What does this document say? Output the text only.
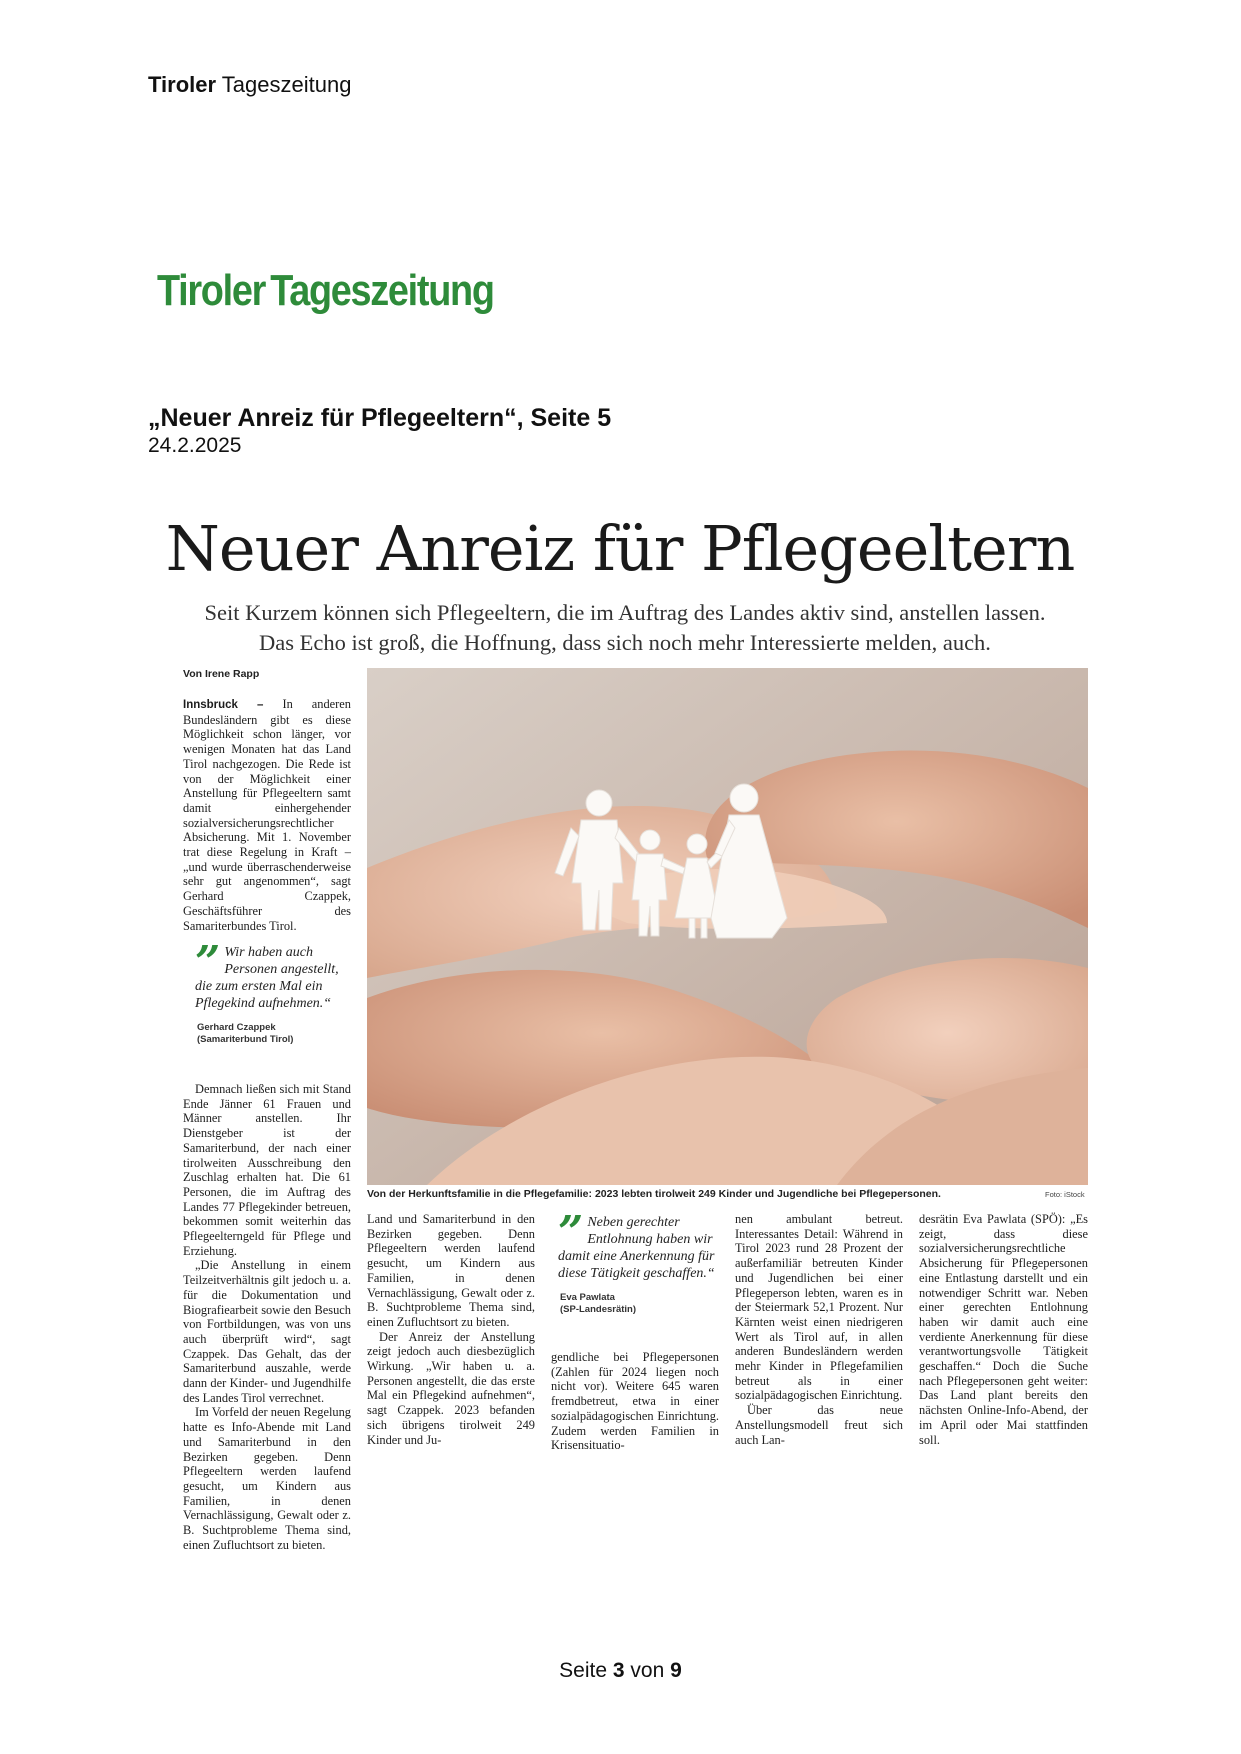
Tiroler Tageszeitung
Tiroler Tageszeitung
„Neuer Anreiz für Pflegeeltern“, Seite 5
24.2.2025
Neuer Anreiz für Pflegeeltern
Seit Kurzem können sich Pflegeeltern, die im Auftrag des Landes aktiv sind, anstellen lassen. Das Echo ist groß, die Hoffnung, dass sich noch mehr Interessierte melden, auch.
Von Irene Rapp

Innsbruck – In anderen Bundesländern gibt es diese Möglichkeit schon länger, vor wenigen Monaten hat das Land Tirol nachgezogen. Die Rede ist von der Möglichkeit einer Anstellung für Pflegeeltern samt damit einhergehender sozialversicherungsrechtlicher Absicherung. Mit 1. November trat diese Regelung in Kraft – „und wurde überraschenderweise sehr gut angenommen“, sagt Gerhard Czappek, Geschäftsführer des Samariterbundes Tirol.

” Wir haben auch Personen angestellt, die zum ersten Mal ein Pflegekind aufnehmen.“
Gerhard Czappek
(Samariterbund Tirol)

Demnach ließen sich mit Stand Ende Jänner 61 Frauen und Männer anstellen. Ihr Dienstgeber ist der Samariterbund, der nach einer tirolweiten Ausschreibung den Zuschlag erhalten hat. Die 61 Personen, die im Auftrag des Landes 77 Pflegekinder betreuen, bekommen somit weiterhin das Pflegeelterngeld für Pflege und Erziehung.

„Die Anstellung in einem Teilzeitverhältnis gilt jedoch u. a. für die Dokumentation und Biografiearbeit sowie den Besuch von Fortbildungen, was von uns auch überprüft wird“, sagt Czappek. Das Gehalt, das der Samariterbund auszahle, werde dann der Kinder- und Jugendhilfe des Landes Tirol verrechnet.

Im Vorfeld der neuen Regelung hatte es Info-Abende mit Land und Samariterbund in den Bezirken gegeben. Denn Pflegeeltern werden laufend gesucht, um Kindern aus Familien, in denen Vernachlässigung, Gewalt oder z. B. Suchtprobleme Thema sind, einen Zufluchtsort zu bieten.

Von der Herkunftsfamilie in die Pflegefamilie: 2023 lebten tirolweit 249 Kinder und Jugendliche bei Pflegepersonen.	Foto: iStock

Land und Samariterbund in den Bezirken gegeben. Denn Pflegeeltern werden laufend gesucht, um Kindern aus Familien, in denen Vernachlässigung, Gewalt oder z. B. Suchtprobleme Thema sind, einen Zufluchtsort zu bieten.

Der Anreiz der Anstellung zeigt jedoch auch diesbezüglich Wirkung. „Wir haben u. a. Personen angestellt, die das erste Mal ein Pflegekind aufnehmen“, sagt Czappek. 2023 befanden sich übrigens tirolweit 249 Kinder und Ju-

” Neben gerechter Entlohnung haben wir damit eine Anerkennung für diese Tätigkeit geschaffen.“
Eva Pawlata
(SP-Landesrätin)

gendliche bei Pflegepersonen (Zahlen für 2024 liegen noch nicht vor). Weitere 645 waren fremdbetreut, etwa in einer sozialpädagogischen Einrichtung. Zudem werden Familien in Krisensituatio-

nen ambulant betreut. Interessantes Detail: Während in Tirol 2023 rund 28 Prozent der außerfamiliär betreuten Kinder und Jugendlichen bei einer Pflegeperson lebten, waren es in der Steiermark 52,1 Prozent. Nur Kärnten weist einen niedrigeren Wert als Tirol auf, in allen anderen Bundesländern werden mehr Kinder in Pflegefamilien betreut als in einer sozialpädagogischen Einrichtung.

Über das neue Anstellungsmodell freut sich auch Lan-

desrätin Eva Pawlata (SPÖ): „Es zeigt, dass diese sozialversicherungsrechtliche Absicherung für Pflegepersonen eine Entlastung darstellt und ein notwendiger Schritt war. Neben einer gerechten Entlohnung haben wir damit auch eine verdiente Anerkennung für diese verantwortungsvolle Tätigkeit geschaffen.“ Doch die Suche nach Pflegepersonen geht weiter: Das Land plant bereits den nächsten Online-Info-Abend, der im April oder Mai stattfinden soll.

Seite 3 von 9
